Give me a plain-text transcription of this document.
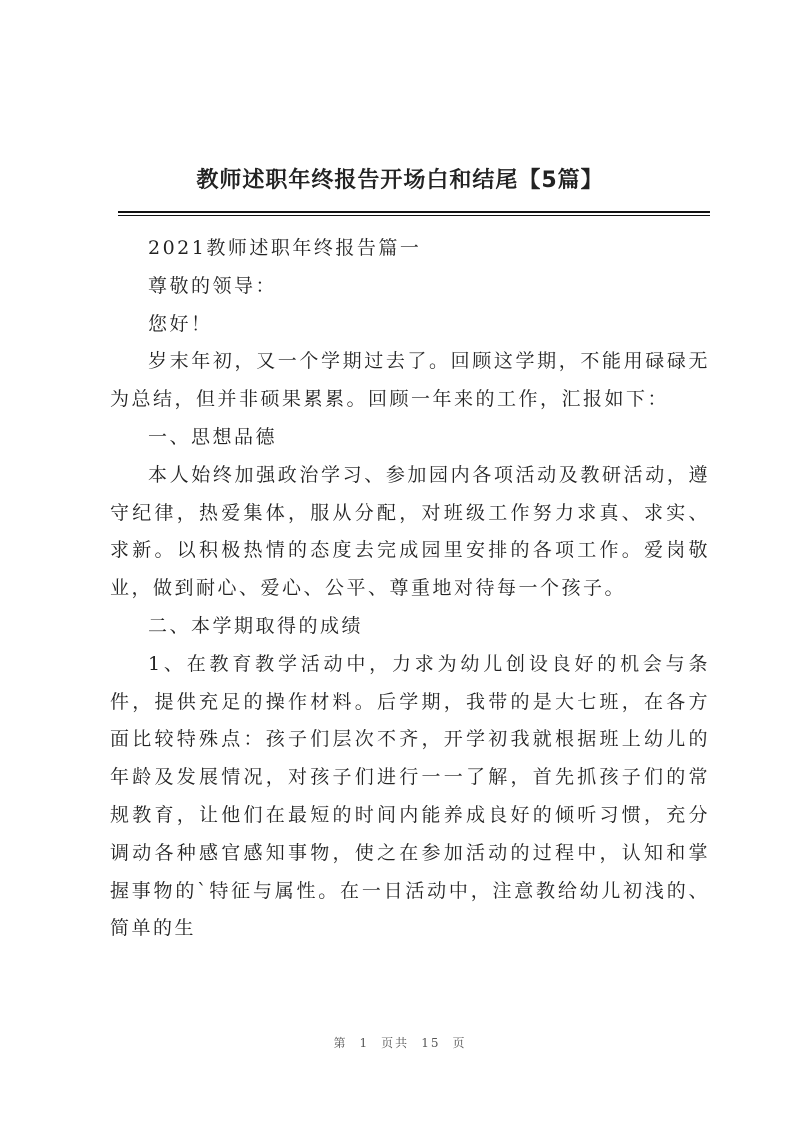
教师述职年终报告开场白和结尾【5篇】

2021教师述职年终报告篇一

尊敬的领导：

您好！

岁末年初，又一个学期过去了。回顾这学期，不能用碌碌无为总结，但并非硕果累累。回顾一年来的工作，汇报如下：

一、思想品德

本人始终加强政治学习、参加园内各项活动及教研活动，遵守纪律，热爱集体，服从分配，对班级工作努力求真、求实、求新。以积极热情的态度去完成园里安排的各项工作。爱岗敬业，做到耐心、爱心、公平、尊重地对待每一个孩子。

二、本学期取得的成绩

1、在教育教学活动中，力求为幼儿创设良好的机会与条件，提供充足的操作材料。后学期，我带的是大七班，在各方面比较特殊点：孩子们层次不齐，开学初我就根据班上幼儿的年龄及发展情况，对孩子们进行一一了解，首先抓孩子们的常规教育，让他们在最短的时间内能养成良好的倾听习惯，充分调动各种感官感知事物，使之在参加活动的过程中，认知和掌握事物的`特征与属性。在一日活动中，注意教给幼儿初浅的、简单的生

第 1 页共 15 页
